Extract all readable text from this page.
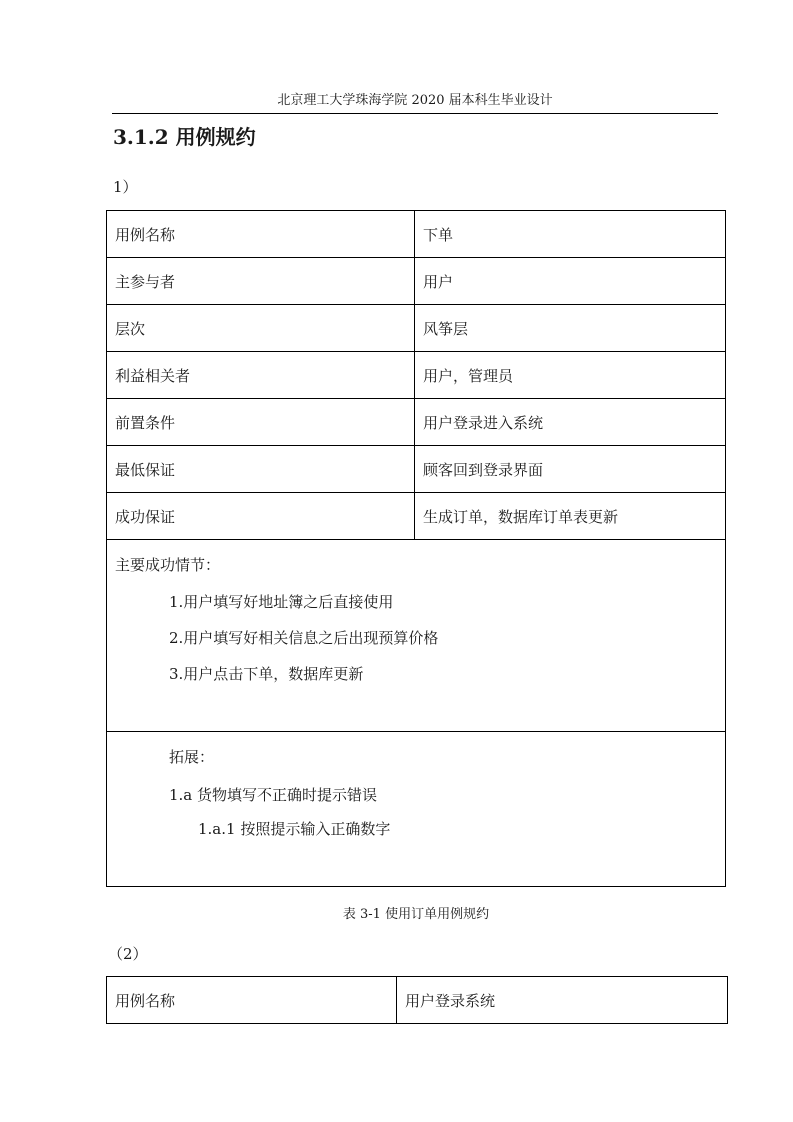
北京理工大学珠海学院 2020 届本科生毕业设计
3.1.2 用例规约
1）
用例名称	下单
主参与者	用户
层次	风筝层
利益相关者	用户，管理员
前置条件	用户登录进入系统
最低保证	顾客回到登录界面
成功保证	生成订单，数据库订单表更新

主要成功情节：
1.用户填写好地址簿之后直接使用
2.用户填写好相关信息之后出现预算价格
3.用户点击下单，数据库更新	

拓展：
1.a 货物填写不正确时提示错误
1.a.1 按照提示输入正确数字	
表 3-1 使用订单用例规约
（2）
用例名称	用户登录系统
